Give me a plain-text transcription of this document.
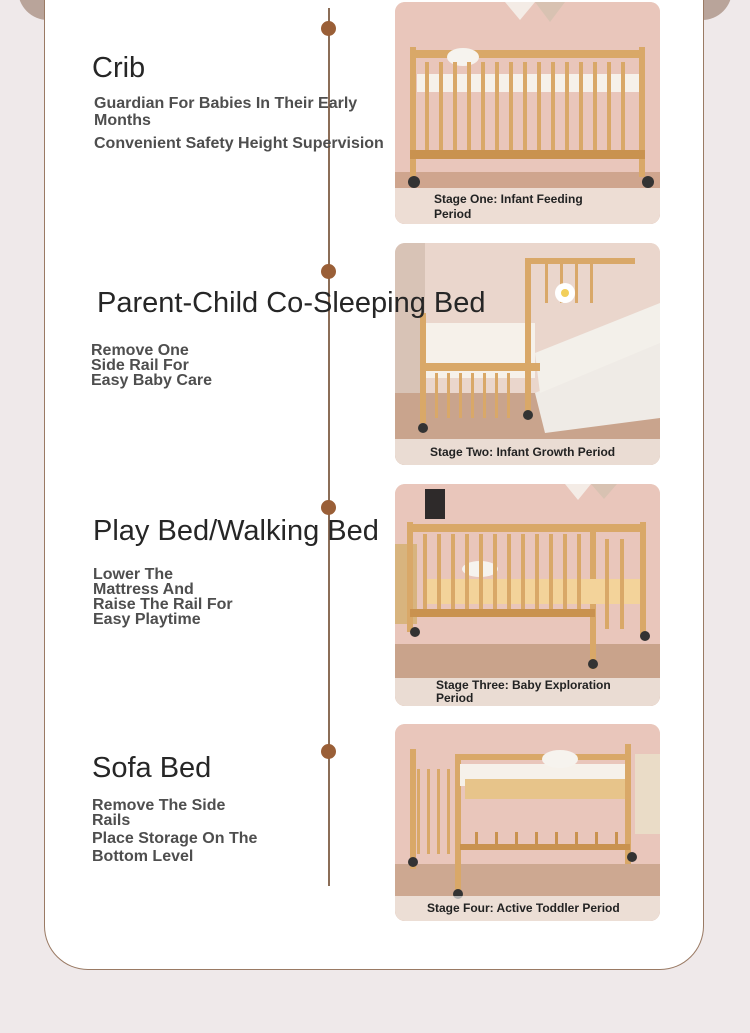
Crib
Guardian For Babies In Their Early Months
Convenient Safety Height Supervision
Parent-Child Co-Sleeping Bed
Remove One
Side Rail For
Easy Baby Care
Play Bed/Walking Bed
Lower The
Mattress And
Raise The Rail For
Easy Playtime
Sofa Bed
Remove The Side
Rails
Place Storage On The
Bottom Level
Stage One: Infant Feeding Period
Stage Two: Infant Growth Period
Stage Three: Baby Exploration Period
Stage Four: Active Toddler Period
